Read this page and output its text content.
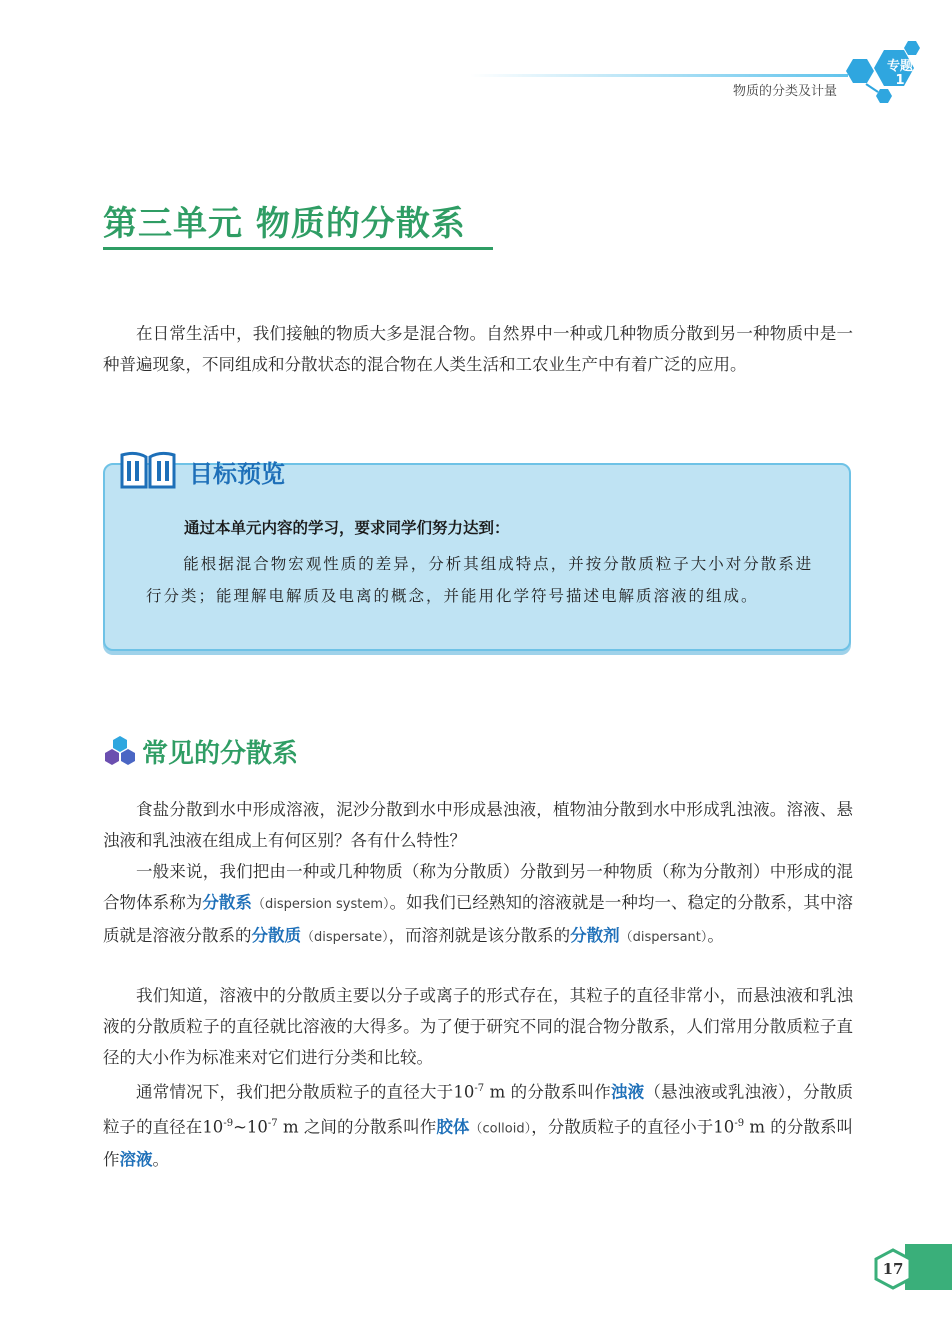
物质的分类及计量
专题
1
第三单元 物质的分散系
在日常生活中，我们接触的物质大多是混合物。自然界中一种或几种物质分散到另一种物质中是一种普遍现象，不同组成和分散状态的混合物在人类生活和工农业生产中有着广泛的应用。
目标预览
通过本单元内容的学习，要求同学们努力达到：
能根据混合物宏观性质的差异，分析其组成特点，并按分散质粒子大小对分散系进行分类；能理解电解质及电离的概念，并能用化学符号描述电解质溶液的组成。
常见的分散系
食盐分散到水中形成溶液，泥沙分散到水中形成悬浊液，植物油分散到水中形成乳浊液。溶液、悬浊液和乳浊液在组成上有何区别？各有什么特性？
一般来说，我们把由一种或几种物质（称为分散质）分散到另一种物质（称为分散剂）中形成的混合物体系称为分散系（dispersion system）。如我们已经熟知的溶液就是一种均一、稳定的分散系，其中溶质就是溶液分散系的分散质（dispersate），而溶剂就是该分散系的分散剂（dispersant）。
我们知道，溶液中的分散质主要以分子或离子的形式存在，其粒子的直径非常小，而悬浊液和乳浊液的分散质粒子的直径就比溶液的大得多。为了便于研究不同的混合物分散系，人们常用分散质粒子直径的大小作为标准来对它们进行分类和比较。
通常情况下，我们把分散质粒子的直径大于$10^{-7}$ m 的分散系叫作浊液（悬浊液或乳浊液），分散质粒子的直径在$10^{-9}\sim 10^{-7}$ m 之间的分散系叫作胶体（colloid），分散质粒子的直径小于$10^{-9}$ m 的分散系叫作溶液。
17
